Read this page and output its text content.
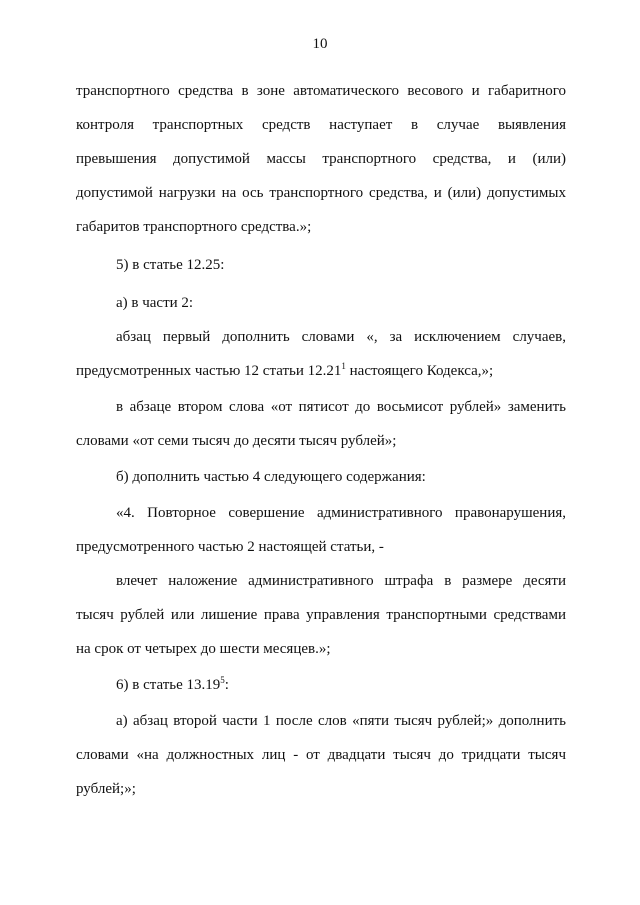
10
транспортного средства в зоне автоматического весового и габаритного
контроля транспортных средств наступает в случае выявления
превышения допустимой массы транспортного средства, и (или)
допустимой нагрузки на ось транспортного средства, и (или) допустимых
габаритов транспортного средства.»;
5) в статье 12.25:
а) в части 2:
абзац первый дополнить словами «, за исключением случаев,
предусмотренных частью 12 статьи 12.21$^1$ настоящего Кодекса,»;
в абзаце втором слова «от пятисот до восьмисот рублей» заменить
словами «от семи тысяч до десяти тысяч рублей»;
б) дополнить частью 4 следующего содержания:
«4. Повторное совершение административного правонарушения,
предусмотренного частью 2 настоящей статьи, -
влечет наложение административного штрафа в размере десяти
тысяч рублей или лишение права управления транспортными средствами
на срок от четырех до шести месяцев.»;
6) в статье 13.19$^5$:
а) абзац второй части 1 после слов «пяти тысяч рублей;» дополнить
словами «на должностных лиц - от двадцати тысяч до тридцати тысяч
рублей;»;
